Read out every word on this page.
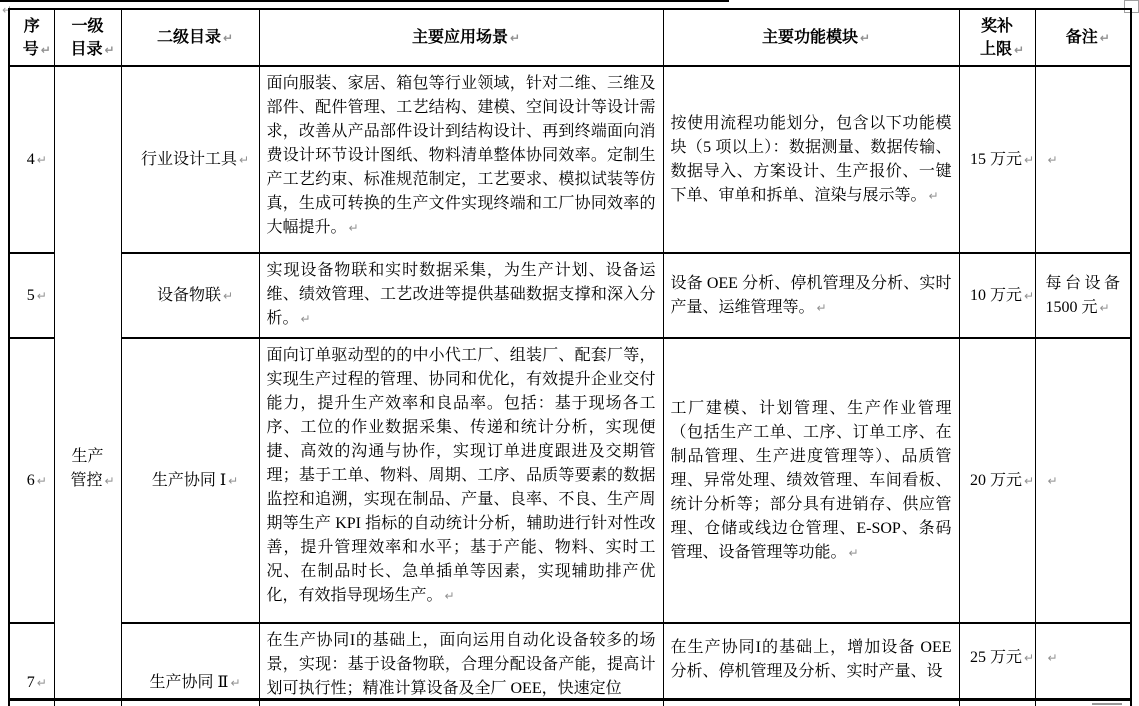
↵
序号 ↵	一级目录 ↵	二级目录 ↵	主要应用场景 ↵	主要功能模块 ↵	奖补上限 ↵	备注 ↵
4 ↵	生产管控 ↵	行业设计工具 ↵	面向服装、家居、箱包等行业领域，针对二维、三维及部件、配件管理、工艺结构、建模、空间设计等设计需求，改善从产品部件设计到结构设计、再到终端面向消费设计环节设计图纸、物料清单整体协同效率。定制生产工艺约束、标准规范制定，工艺要求、模拟试装等仿真，生成可转换的生产文件实现终端和工厂协同效率的大幅提升。 ↵	按使用流程功能划分，包含以下功能模块（5 项以上）：数据测量、数据传输、数据导入、方案设计、生产报价、一键下单、审单和拆单、渲染与展示等。 ↵	15 万元 ↵	↵
5 ↵		设备物联 ↵	实现设备物联和实时数据采集，为生产计划、设备运维、绩效管理、工艺改进等提供基础数据支撑和深入分析。 ↵	设备 OEE 分析、停机管理及分析、实时产量、运维管理等。 ↵	10 万元 ↵	每台设备 1500 元 ↵
6 ↵		生产协同 Ⅰ ↵	面向订单驱动型的的中小代工厂、组装厂、配套厂等，实现生产过程的管理、协同和优化，有效提升企业交付能力，提升生产效率和良品率。包括：基于现场各工序、工位的作业数据采集、传递和统计分析，实现便捷、高效的沟通与协作，实现订单进度跟进及交期管理；基于工单、物料、周期、工序、品质等要素的数据监控和追溯，实现在制品、产量、良率、不良、生产周期等生产 KPI 指标的自动统计分析，辅助进行针对性改善，提升管理效率和水平；基于产能、物料、实时工况、在制品时长、急单插单等因素，实现辅助排产优化，有效指导现场生产。 ↵	工厂建模、计划管理、生产作业管理（包括生产工单、工序、订单工序、在制品管理、生产进度管理等）、品质管理、异常处理、绩效管理、车间看板、统计分析等；部分具有进销存、供应管理、仓储或线边仓管理、E-SOP、条码管理、设备管理等功能。 ↵	20 万元 ↵	↵
7 ↵		生产协同 Ⅱ ↵	在生产协同I的基础上，面向运用自动化设备较多的场景，实现：基于设备物联，合理分配设备产能，提高计划可执行性；精准计算设备及全厂 OEE，快速定位	在生产协同I的基础上，增加设备 OEE 分析、停机管理及分析、实时产量、设	25 万元 ↵	↵
